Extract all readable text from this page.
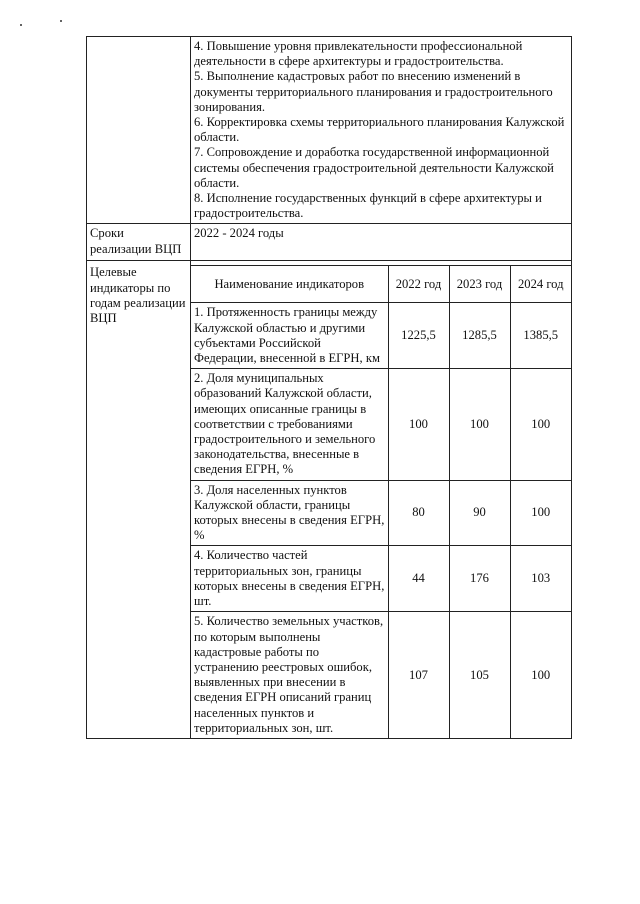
4. Повышение уровня привлекательности профессиональной деятельности в сфере архитектуры и градостроительства.
5. Выполнение кадастровых работ по внесению изменений в документы территориального планирования и градостроительного зонирования.
6. Корректировка схемы территориального планирования Калужской области.
7. Сопровождение и доработка государственной информационной системы обеспечения градостроительной деятельности Калужской области.
8. Исполнение государственных функций в сфере архитектуры и градостроительства.

Сроки реализации ВЦП	2022 - 2024 годы
Целевые индикаторы по годам реализации ВЦП	
Наименование индикаторов	2022 год	2023 год	2024 год
1. Протяженность границы между Калужской областью и другими субъектами Российской Федерации, внесенной в ЕГРН, км	1225,5	1285,5	1385,5
2. Доля муниципальных образований Калужской области, имеющих описанные границы в соответствии с требованиями градостроительного и земельного законодательства, внесенные в сведения ЕГРН, %	100	100	100
3. Доля населенных пунктов Калужской области, границы которых внесены в сведения ЕГРН, %	80	90	100
4. Количество частей территориальных зон, границы которых внесены в сведения ЕГРН, шт.	44	176	103
5. Количество земельных участков, по которым выполнены кадастровые работы по устранению реестровых ошибок, выявленных при внесении в сведения ЕГРН описаний границ населенных пунктов и территориальных зон, шт.	107	105	100
